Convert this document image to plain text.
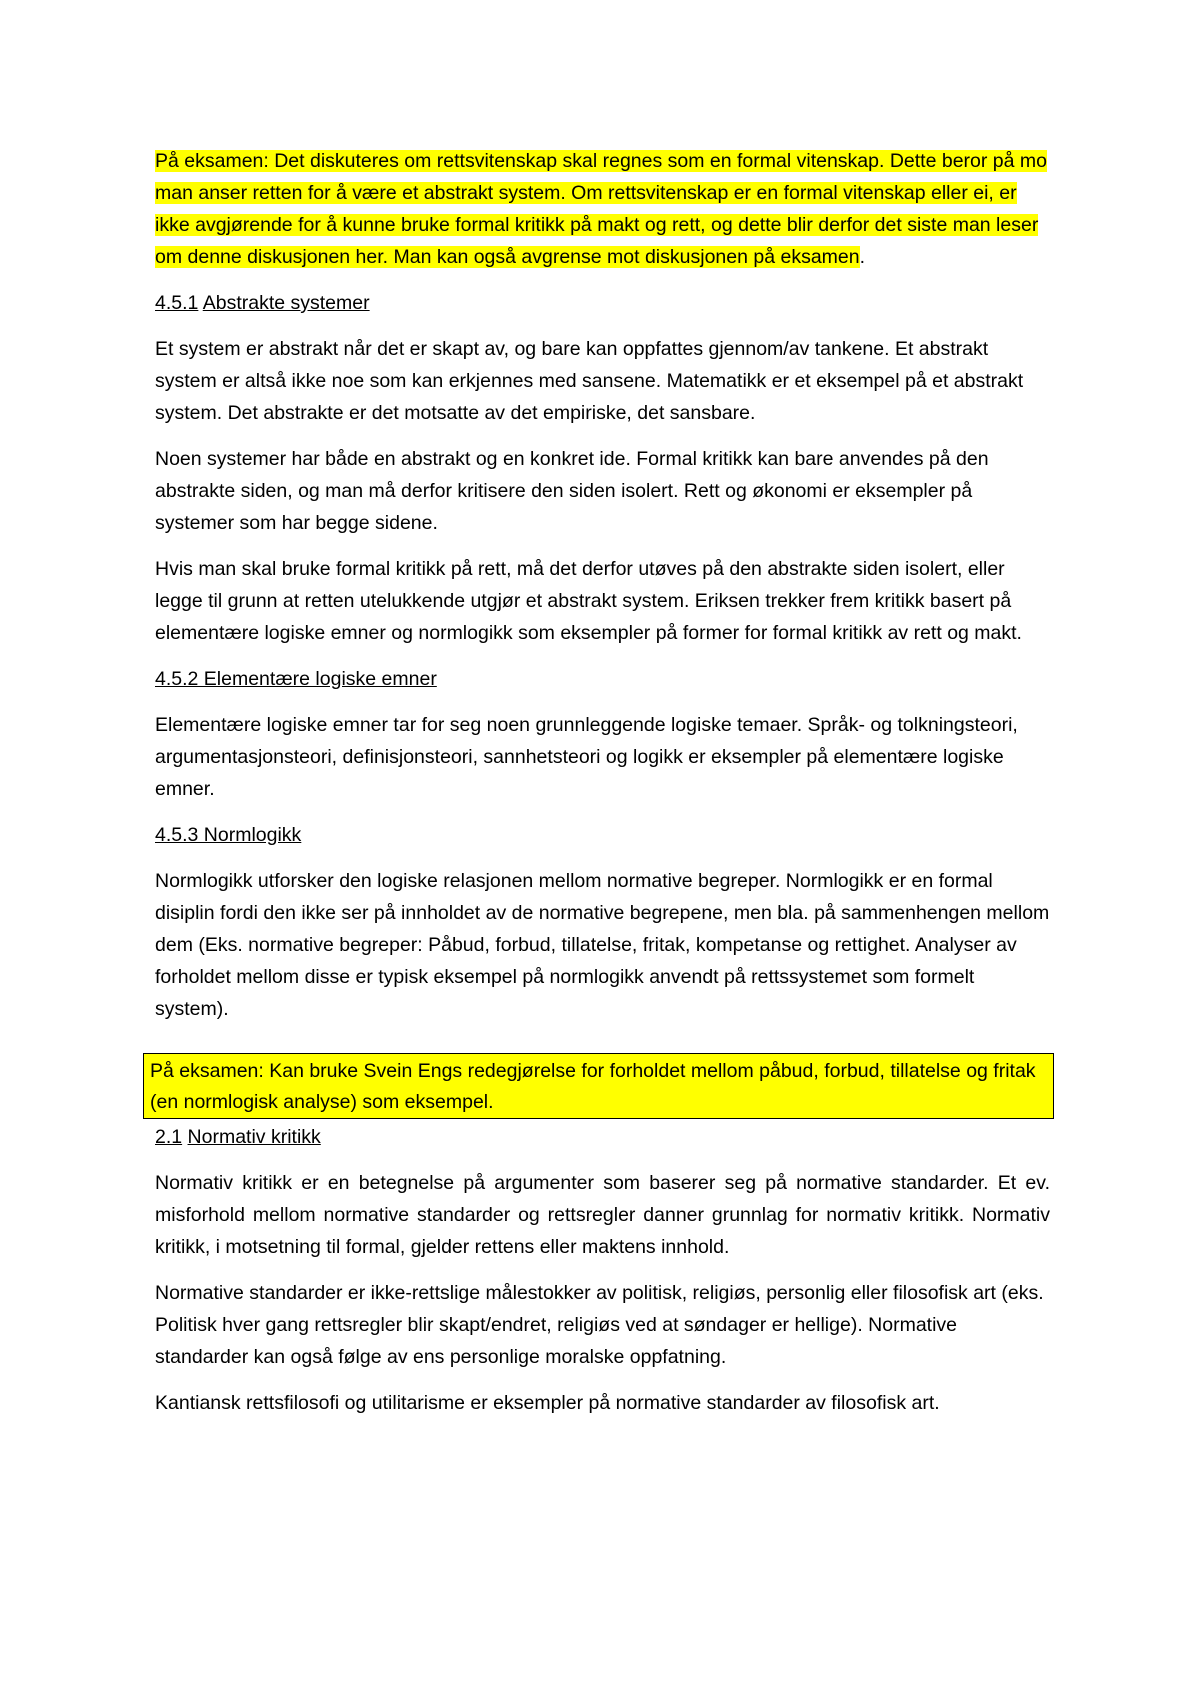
På eksamen: Det diskuteres om rettsvitenskap skal regnes som en formal vitenskap. Dette beror på mo man anser retten for å være et abstrakt system. Om rettsvitenskap er en formal vitenskap eller ei, er ikke avgjørende for å kunne bruke formal kritikk på makt og rett, og dette blir derfor det siste man leser om denne diskusjonen her. Man kan også avgrense mot diskusjonen på eksamen.

4.5.1 Abstrakte systemer

Et system er abstrakt når det er skapt av, og bare kan oppfattes gjennom/av tankene. Et abstrakt system er altså ikke noe som kan erkjennes med sansene. Matematikk er et eksempel på et abstrakt system. Det abstrakte er det motsatte av det empiriske, det sansbare.

Noen systemer har både en abstrakt og en konkret ide. Formal kritikk kan bare anvendes på den abstrakte siden, og man må derfor kritisere den siden isolert. Rett og økonomi er eksempler på systemer som har begge sidene.

Hvis man skal bruke formal kritikk på rett, må det derfor utøves på den abstrakte siden isolert, eller legge til grunn at retten utelukkende utgjør et abstrakt system. Eriksen trekker frem kritikk basert på elementære logiske emner og normlogikk som eksempler på former for formal kritikk av rett og makt.

4.5.2 Elementære logiske emner

Elementære logiske emner tar for seg noen grunnleggende logiske temaer. Språk- og tolkningsteori, argumentasjonsteori, definisjonsteori, sannhetsteori og logikk er eksempler på elementære logiske emner.

4.5.3 Normlogikk

Normlogikk utforsker den logiske relasjonen mellom normative begreper. Normlogikk er en formal disiplin fordi den ikke ser på innholdet av de normative begrepene, men bla. på sammenhengen mellom dem (Eks. normative begreper: Påbud, forbud, tillatelse, fritak, kompetanse og rettighet. Analyser av forholdet mellom disse er typisk eksempel på normlogikk anvendt på rettssystemet som formelt system).

På eksamen: Kan bruke Svein Engs redegjørelse for forholdet mellom påbud, forbud, tillatelse og fritak (en normlogisk analyse) som eksempel.

2.1 Normativ kritikk

Normativ kritikk er en betegnelse på argumenter som baserer seg på normative standarder. Et ev. misforhold mellom normative standarder og rettsregler danner grunnlag for normativ kritikk. Normativ kritikk, i motsetning til formal, gjelder rettens eller maktens innhold.

Normative standarder er ikke-rettslige målestokker av politisk, religiøs, personlig eller filosofisk art (eks. Politisk hver gang rettsregler blir skapt/endret, religiøs ved at søndager er hellige). Normative standarder kan også følge av ens personlige moralske oppfatning.

Kantiansk rettsfilosofi og utilitarisme er eksempler på normative standarder av filosofisk art.
